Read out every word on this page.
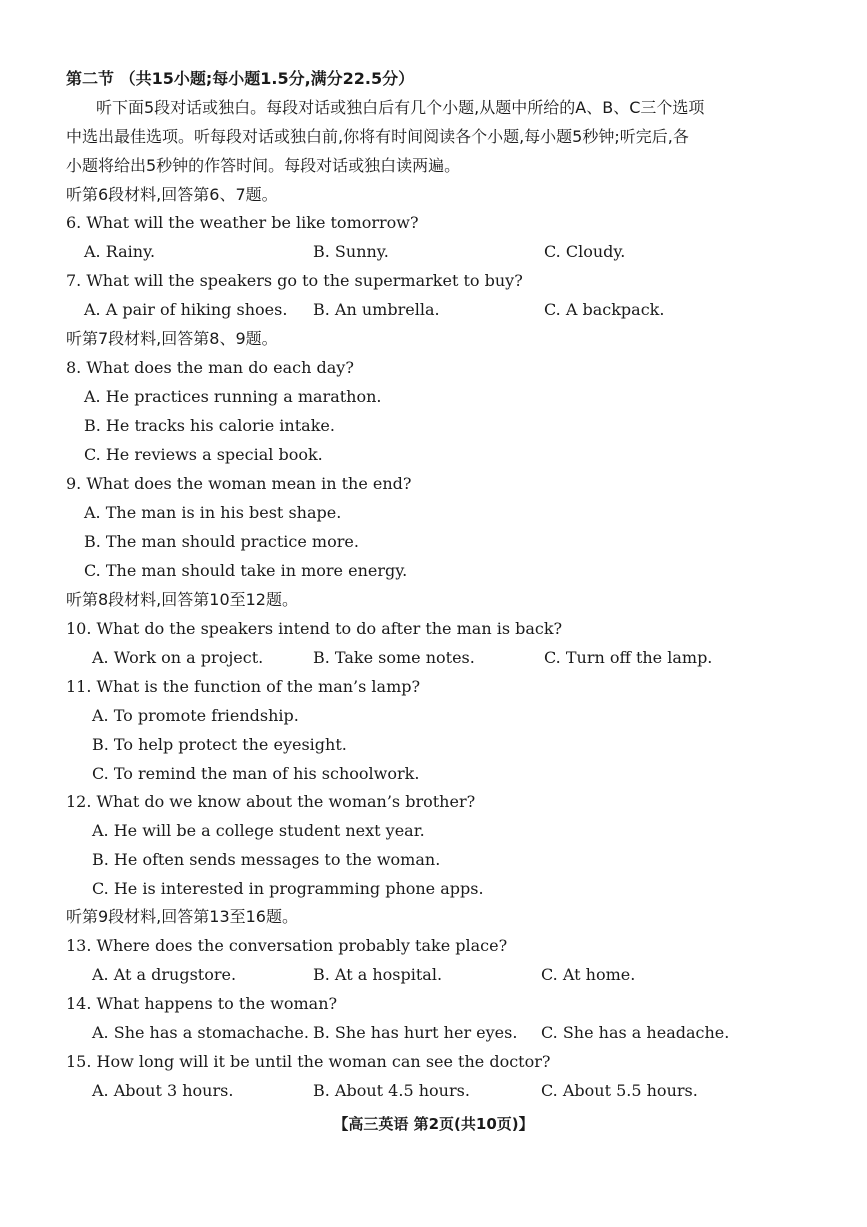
第二节 （共15小题;每小题1.5分,满分22.5分）
听下面5段对话或独白。每段对话或独白后有几个小题,从题中所给的A、B、C三个选项
中选出最佳选项。听每段对话或独白前,你将有时间阅读各个小题,每小题5秒钟;听完后,各
小题将给出5秒钟的作答时间。每段对话或独白读两遍。
听第6段材料,回答第6、7题。
6. What will the weather be like tomorrow?
A. Rainy.	B. Sunny.	C. Cloudy.
7. What will the speakers go to the supermarket to buy?
A. A pair of hiking shoes. B. An umbrella.	C. A backpack.
听第7段材料,回答第8、9题。
8. What does the man do each day?
A. He practices running a marathon.
B. He tracks his calorie intake.
C. He reviews a special book.
9. What does the woman mean in the end?
A. The man is in his best shape.
B. The man should practice more.
C. The man should take in more energy.
听第8段材料,回答第10至12题。
10. What do the speakers intend to do after the man is back?
A. Work on a project.	B. Take some notes.	C. Turn off the lamp.
11. What is the function of the man’s lamp?
A. To promote friendship.
B. To help protect the eyesight.
C. To remind the man of his schoolwork.
12. What do we know about the woman’s brother?
A. He will be a college student next year.
B. He often sends messages to the woman.
C. He is interested in programming phone apps.
听第9段材料,回答第13至16题。
13. Where does the conversation probably take place?
A. At a drugstore.	B. At a hospital.	C. At home.
14. What happens to the woman?
A. She has a stomachache. B. She has hurt her eyes. C. She has a headache.
15. How long will it be until the woman can see the doctor?
A. About 3 hours.	B. About 4.5 hours.	C. About 5.5 hours.
【高三英语 第2页(共10页)】
